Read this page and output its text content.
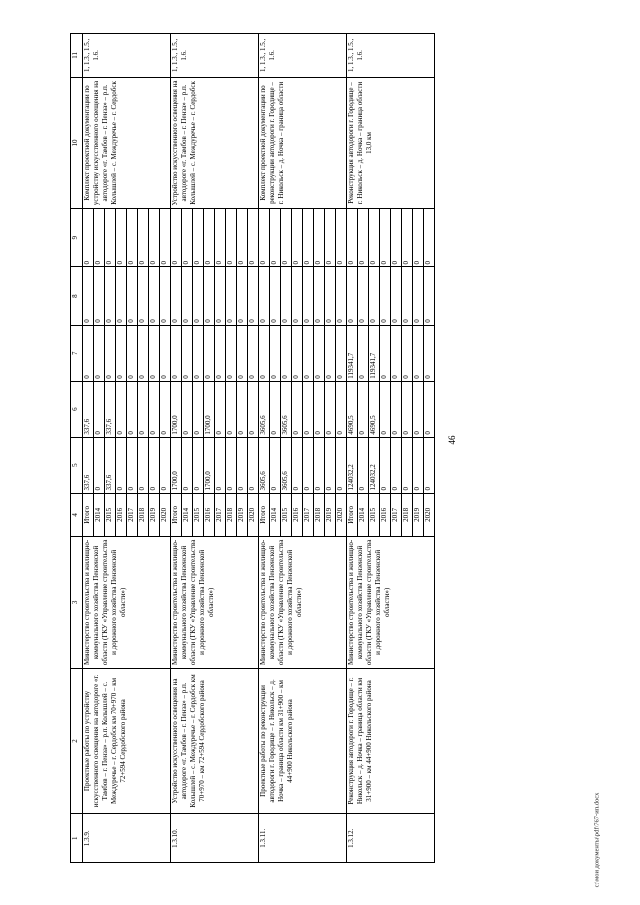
46
1	2	3	4	5	6	7	8	9	10	11
1.3.9.	Проектные работы по устройству искусственного освещения на автодороге «г. Тамбов – г. Пенза» – р.п. Колышлей – с. Междуречье – г. Сердобск км 70+970 – км 72+594 Сердобского района	Министерство строительства и жилищно-коммунального хозяйства Пензенской области (ГКУ «Управление строительства и дорожного хозяйства Пензенской области»)	Итого	337,6	337,6	0	0	0	Комплект проектной документации по устройству искусственного освещения на автодороге «г. Тамбов – г. Пенза» – р.п. Колышлей – с. Междуречье – г. Сердобск	1, 1.3., 1.5., 1.6.
			2014	0	0	0	0	0		
			2015	337,6	337,6	0	0	0		
			2016	0	0	0	0	0		
			2017	0	0	0	0	0		
			2018	0	0	0	0	0		
			2019	0	0	0	0	0		
			2020	0	0	0	0	0		
1.3.10.	Устройство искусственного освещения на автодороге «г. Тамбов – г. Пенза» – р.п. Колышлей – с. Междуречье – г. Сердобск км 70+970 – км 72+594 Сердобского района	Министерство строительства и жилищно-коммунального хозяйства Пензенской области (ГКУ «Управление строительства и дорожного хозяйства Пензенской области»)	Итого	1700,0	1700,0	0	0	0	Устройство искусственного освещения на автодороге «г. Тамбов – г. Пенза» – р.п. Колышлей – с. Междуречье – г. Сердобск	1, 1.3., 1.5., 1.6.
			2014	0	0	0	0	0		
			2015	0	0	0	0	0		
			2016	1700,0	1700,0	0	0	0		
			2017	0	0	0	0	0		
			2018	0	0	0	0	0		
			2019	0	0	0	0	0		
			2020	0	0	0	0	0		
1.3.11.	Проектные работы по реконструкции автодороги г. Городище – г. Никольск – д. Ночка – граница области км 31+900 – км 44+900 Никольского района	Министерство строительства и жилищно-коммунального хозяйства Пензенской области (ГКУ «Управление строительства и дорожного хозяйства Пензенской области»)	Итого	3605,6	3605,6	0	0	0	Комплект проектной документации по реконструкции автодороги г. Городище – г. Никольск – д. Ночка – граница области	1, 1.3., 1.5., 1.6.
			2014	0	0	0	0	0		
			2015	3605,6	3605,6	0	0	0		
			2016	0	0	0	0	0		
			2017	0	0	0	0	0		
			2018	0	0	0	0	0		
			2019	0	0	0	0	0		
			2020	0	0	0	0	0		
1.3.12.	Реконструкция автодороги г. Городище – г. Никольск – д. Ночка – граница области км 31+900 – км 44+900 Никольского района	Министерство строительства и жилищно-коммунального хозяйства Пензенской области (ГКУ «Управление строительства и дорожного хозяйства Пензенской области»)	Итого	124032,2	4690,5	119341,7	0	0	Реконструкция автодороги г. Городище – г. Никольск – д. Ночка – граница области 13,0 км	1, 1.3., 1.5., 1.6.
			2014	0	0	0	0	0		
			2015	124032,2	4690,5	119341,7	0	0		
			2016	0	0	0	0	0		
			2017	0	0	0	0	0		
			2018	0	0	0	0	0		
			2019	0	0	0	0	0		
			2020	0	0	0	0	0		
c:\мои документы\pdf\767-ип.docx
